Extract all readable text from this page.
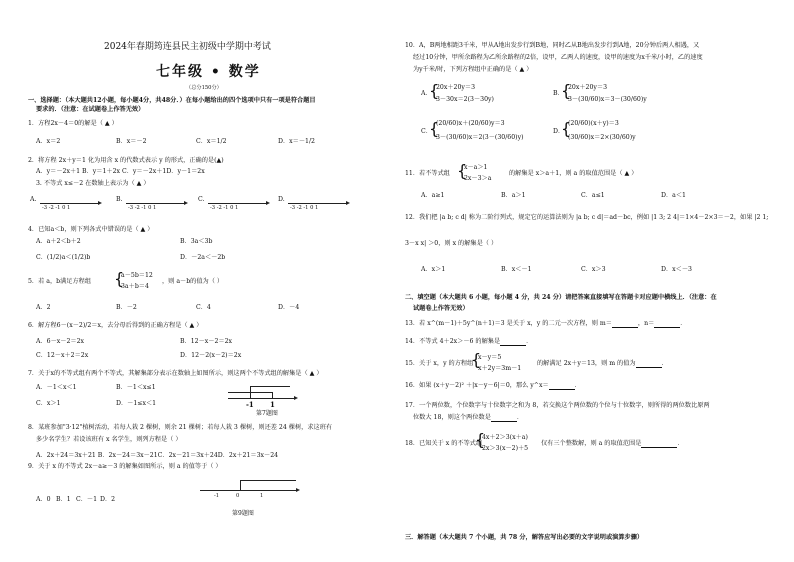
2024年春期筠连县民主初级中学期中考试
七年级 • 数学
（总分150分）
一、选择题：（本大题共12小题，每小题4分，共48分．）在每小题给出的四个选项中只有一项是符合题目
要求的．（注意：在试题卷上作答无效）
1．方程2x－4＝0的解是（ ▲ ）
A．x＝2	B．x＝－2	C．x＝1/2	D．x＝－1/2
2．将方程 2x＋y＝1 化为用含 x 的代数式表示 y 的形式，正确的是(▲)
A．y＝－2x＋1 B．y＝1＋2x C．y＝－2x＋1D．y－1＝2x
3. 不等式 x≤－2 在数轴上表示为（ ▲ ）
A.
-3 -2 -1 0 1
B.
-3 -2 -1 0 1
C.
-3 -2 -1 0 1
D.
-3 -2 -1 0 1
4．已知a＜b，则下列各式中错误的是（ ▲ ）
A．a＋2＜b＋2	B．3a＜3b
C．(1/2)a＜(1/2)b	D．－2a＜－2b
5．若 a，b满足方程组 {
a－5b＝12
3a＋b＝4
，则 a－b的值为（ ）
A．2	B．－2	C．4	D．－4
6．解方程6－(x－2)/2＝x，去分母后得到的正确方程是（ ▲ ）
A．6－x－2＝2x	B．12－x－2＝2x
C．12－x＋2＝2x	D．12－2(x－2)＝2x
7．关于x的不等式组有两个不等式，其解集部分表示在数轴上如图所示，则这两个不等式组的解集是（ ▲ ）
A．－1＜x＜1	B．－1＜x≤1
C．x＞1	D．－1≤x＜1	-1 1
第7题图
8．某班参加"3·12"植树活动，若每人栽 2 棵树，则余 21 棵树；若每人栽 3 棵树，则还差 24 棵树，求这班有
多少名学生？若设该班有 x 名学生，则列方程是（ ）
A．2x＋24＝3x＋21 B．2x－24＝3x－21C．2x－21＝3x＋24D．2x＋21＝3x－24
9．关于 x 的不等式 2x－a≥－3 的解集如图所示，则 a 的值等于（ ）
A．0 B．1 C．－1 D．2	-1	0	1
第9题图
10．A，B两地相距3千米，甲从A地出发步行到B地，同时乙从B地出发步行到A地，20分钟后两人相遇，又
经过10分钟，甲所余路程为乙所余路程的2倍，设甲，乙两人的速度，设甲的速度为x千米/小时，乙的速度
为y千米/时，下列方程组中正确的是（ ▲ ）
A．
{
20x＋20y＝3
3－30x＝2(3－30y)
B．
{
20x＋20y＝3
3－(30/60)x＝3－(30/60)y
C．
{
(20/60)x＋(20/60)y＝3
3－(30/60)x＝2(3－(30/60)y)
D．
{
(20/60)(x＋y)＝3
(30/60)x＝2×(30/60)y
11．若不等式组 {
x－a＞1
2x－3＞a
的解集是 x＞a＋1，则 a 的取值范围是（ ▲ ）
A．a≥1	B．a＞1	C．a≤1	D．a＜1
12．我们把 |a b; c d| 称为二阶行列式，规定它的运算法则为 |a b; c d|＝ad－bc，例如 |1 3; 2 4|＝1×4－2×3＝－2，如果 |2 1;
3－x x| ＞0，则 x 的解集是（ ）
A．x＞1	B．x＜－1	C．x＞3	D．x＜－3
二、填空题（本大题共 6 小题，每小题 4 分，共 24 分）请把答案直接填写在答题卡对应题中横线上．（注意：在
试题卷上作答无效）
13．若 x^(m－1)＋5y^(n＋1)＝3 是关于 x，y 的二元一次方程，则 m＝	，n＝	．
14．不等式 4＋2x＞－6 的解集是	．
15．关于 x，y 的方程组
{
x－y＝5
x＋2y＝3m－1
的解满足 2x＋y＝13，则 m 的值为	．
16．如果 (x＋y－2)² ＋|x－y－6|＝0，那么 y^x＝	．
17．一个两位数，个位数字与十位数字之和为 8，若交换这个两位数的个位与十位数字，则所得的两位数比原两
位数大 18，则这个两位数是	．
18．已知关于 x 的不等式组
{
4x＋2＞3(x＋a)
2x＞3(x－2)＋5
仅有三个整数解，则 a 的取值范围是	．
三．解答题（本大题共 7 个小题，共 78 分，解答应写出必要的文字说明或演算步骤）
